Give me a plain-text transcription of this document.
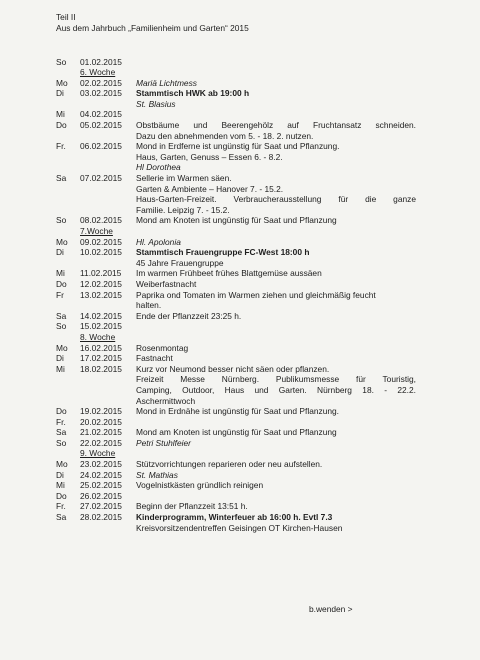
Teil II
Aus dem Jahrbuch „Familienheim und Garten“ 2015
So	01.02.2015
6. Woche
Mo	02.02.2015	Mariä Lichtmess
Di	03.02.2015	Stammtisch HWK ab 19:00 h
St. Blasius
Mi	04.02.2015
Do	05.02.2015	Obstbäume und Beerengehölz auf Fruchtansatz schneiden.
Dazu den abnehmenden vom 5. - 18. 2. nutzen.
Fr.	06.02.2015	Mond in Erdferne ist ungünstig für Saat und Pflanzung.
Haus, Garten, Genuss – Essen 6. - 8.2.
Hl Dorothea
Sa	07.02.2015	Sellerie im Warmen säen.
Garten & Ambiente – Hanover 7. - 15.2.
Haus-Garten-Freizeit. Verbraucherausstellung für die ganze
Familie. Leipzig 7. - 15.2.
So	08.02.2015	Mond am Knoten ist ungünstig für Saat und Pflanzung
7.Woche
Mo	09.02.2015	Hl. Apolonia
Di	10.02.2015	Stammtisch Frauengruppe FC-West 18:00 h
45 Jahre Frauengruppe
Mi	11.02.2015	Im warmen Frühbeet frühes Blattgemüse aussäen
Do	12.02.2015	Weiberfastnacht
Fr	13.02.2015	Paprika ond Tomaten im Warmen ziehen und gleichmäßig feucht
halten.
Sa	14.02.2015	Ende der Pflanzzeit 23:25 h.
So	15.02.2015
8. Woche
Mo	16.02.2015	Rosenmontag
Di	17.02.2015	Fastnacht
Mi	18.02.2015	Kurz vor Neumond besser nicht säen oder pflanzen.
Freizeit Messe Nürnberg. Publikumsmesse für Touristig,
Camping, Outdoor, Haus und Garten. Nürnberg 18. - 22.2.
Aschermittwoch
Do	19.02.2015	Mond in Erdnähe ist ungünstig für Saat und Pflanzung.
Fr.	20.02.2015
Sa	21.02.2015	Mond am Knoten ist ungünstig für Saat und Pflanzung
So	22.02.2015	Petri Stuhlfeier
9. Woche
Mo	23.02.2015	Stützvorrichtungen reparieren oder neu aufstellen.
Di	24.02.2015	St. Mathias
Mi	25.02.2015	Vogelnistkästen gründlich reinigen
Do	26.02.2015
Fr.	27.02.2015	Beginn der Pflanzzeit 13:51 h.
Sa	28.02.2015	Kinderprogramm, Winterfeuer ab 16:00 h. Evtl 7.3
Kreisvorsitzendentreffen Geisingen OT Kirchen-Hausen
b.wenden >
